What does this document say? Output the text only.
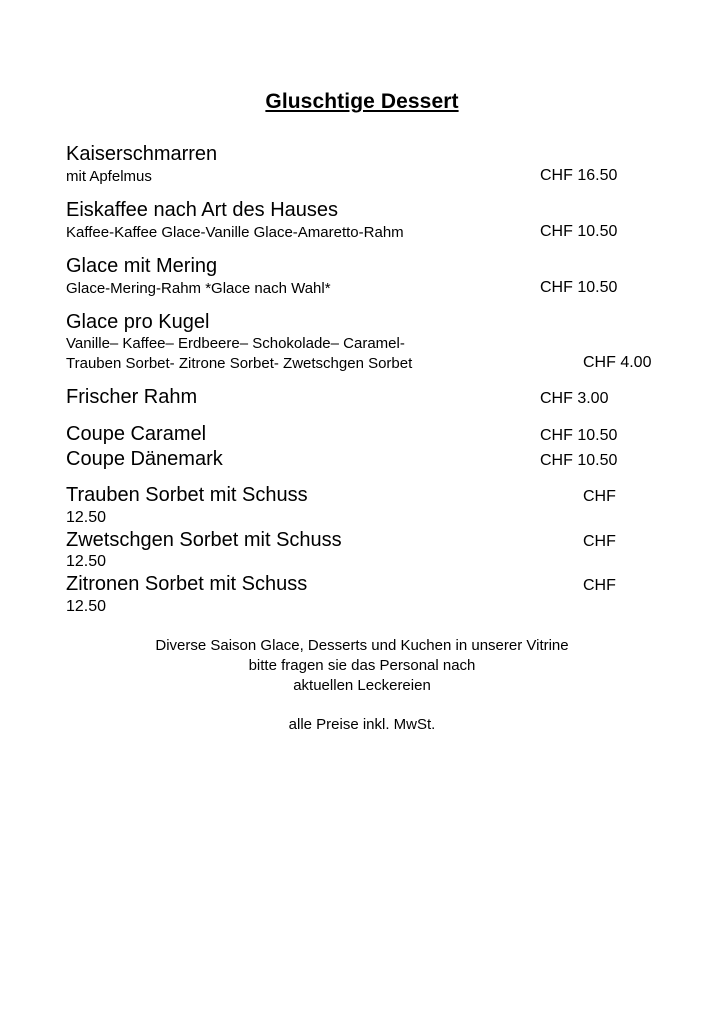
Gluschtige Dessert
Kaiserschmarren
mit Apfelmus	CHF 16.50
Eiskaffee nach Art des Hauses
Kaffee-Kaffee Glace-Vanille Glace-Amaretto-Rahm	CHF 10.50
Glace mit Mering
Glace-Mering-Rahm *Glace nach Wahl*	CHF 10.50
Glace pro Kugel
Vanille– Kaffee– Erdbeere– Schokolade– Caramel-
Trauben Sorbet- Zitrone Sorbet- Zwetschgen Sorbet	CHF 4.00
Frischer Rahm	CHF 3.00
Coupe Caramel	CHF 10.50
Coupe Dänemark	CHF 10.50
Trauben Sorbet mit Schuss	CHF
12.50
Zwetschgen Sorbet mit Schuss	CHF
12.50
Zitronen Sorbet mit Schuss	CHF
12.50
Diverse Saison Glace, Desserts und Kuchen in unserer Vitrine
bitte fragen sie das Personal nach
aktuellen Leckereien
alle Preise inkl. MwSt.
